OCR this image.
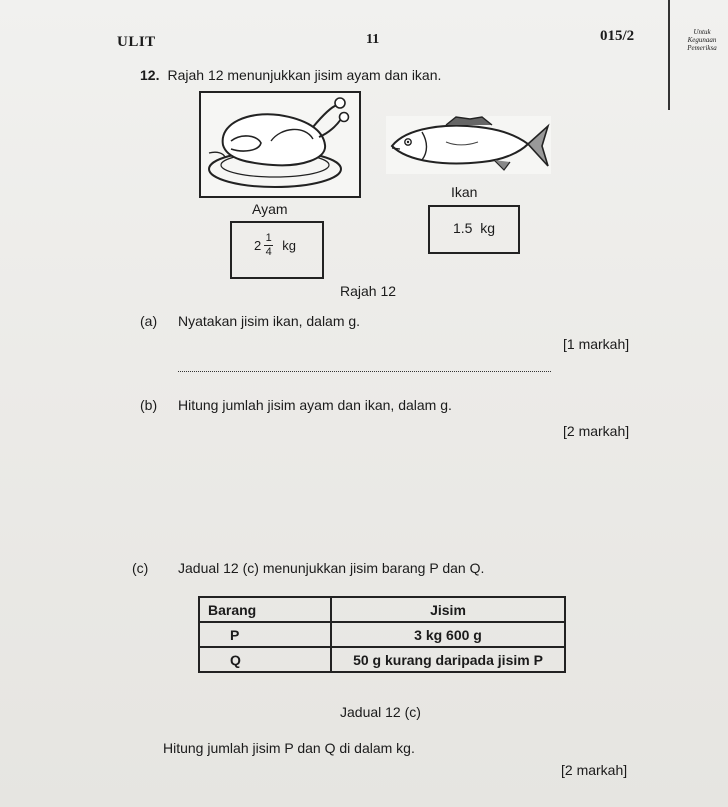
ULIT	11	015/2	Untuk
Kegunaan
Pemeriksa
12. Rajah 12 menunjukkan jisim ayam dan ikan.
Ayam
Ikan
$2 \frac{1}{4}$ kg
1.5  kg
Rajah 12
(a) Nyatakan jisim ikan, dalam g.
[1 markah]
(b) Hitung jumlah jisim ayam dan ikan, dalam g.
[2 markah]
(c) Jadual 12 (c) menunjukkan jisim barang P dan Q.
Barang	Jisim
P	3 kg 600 g
Q	50 g kurang daripada jisim P
Jadual 12 (c)
Hitung jumlah jisim P dan Q di dalam kg.
[2 markah]
